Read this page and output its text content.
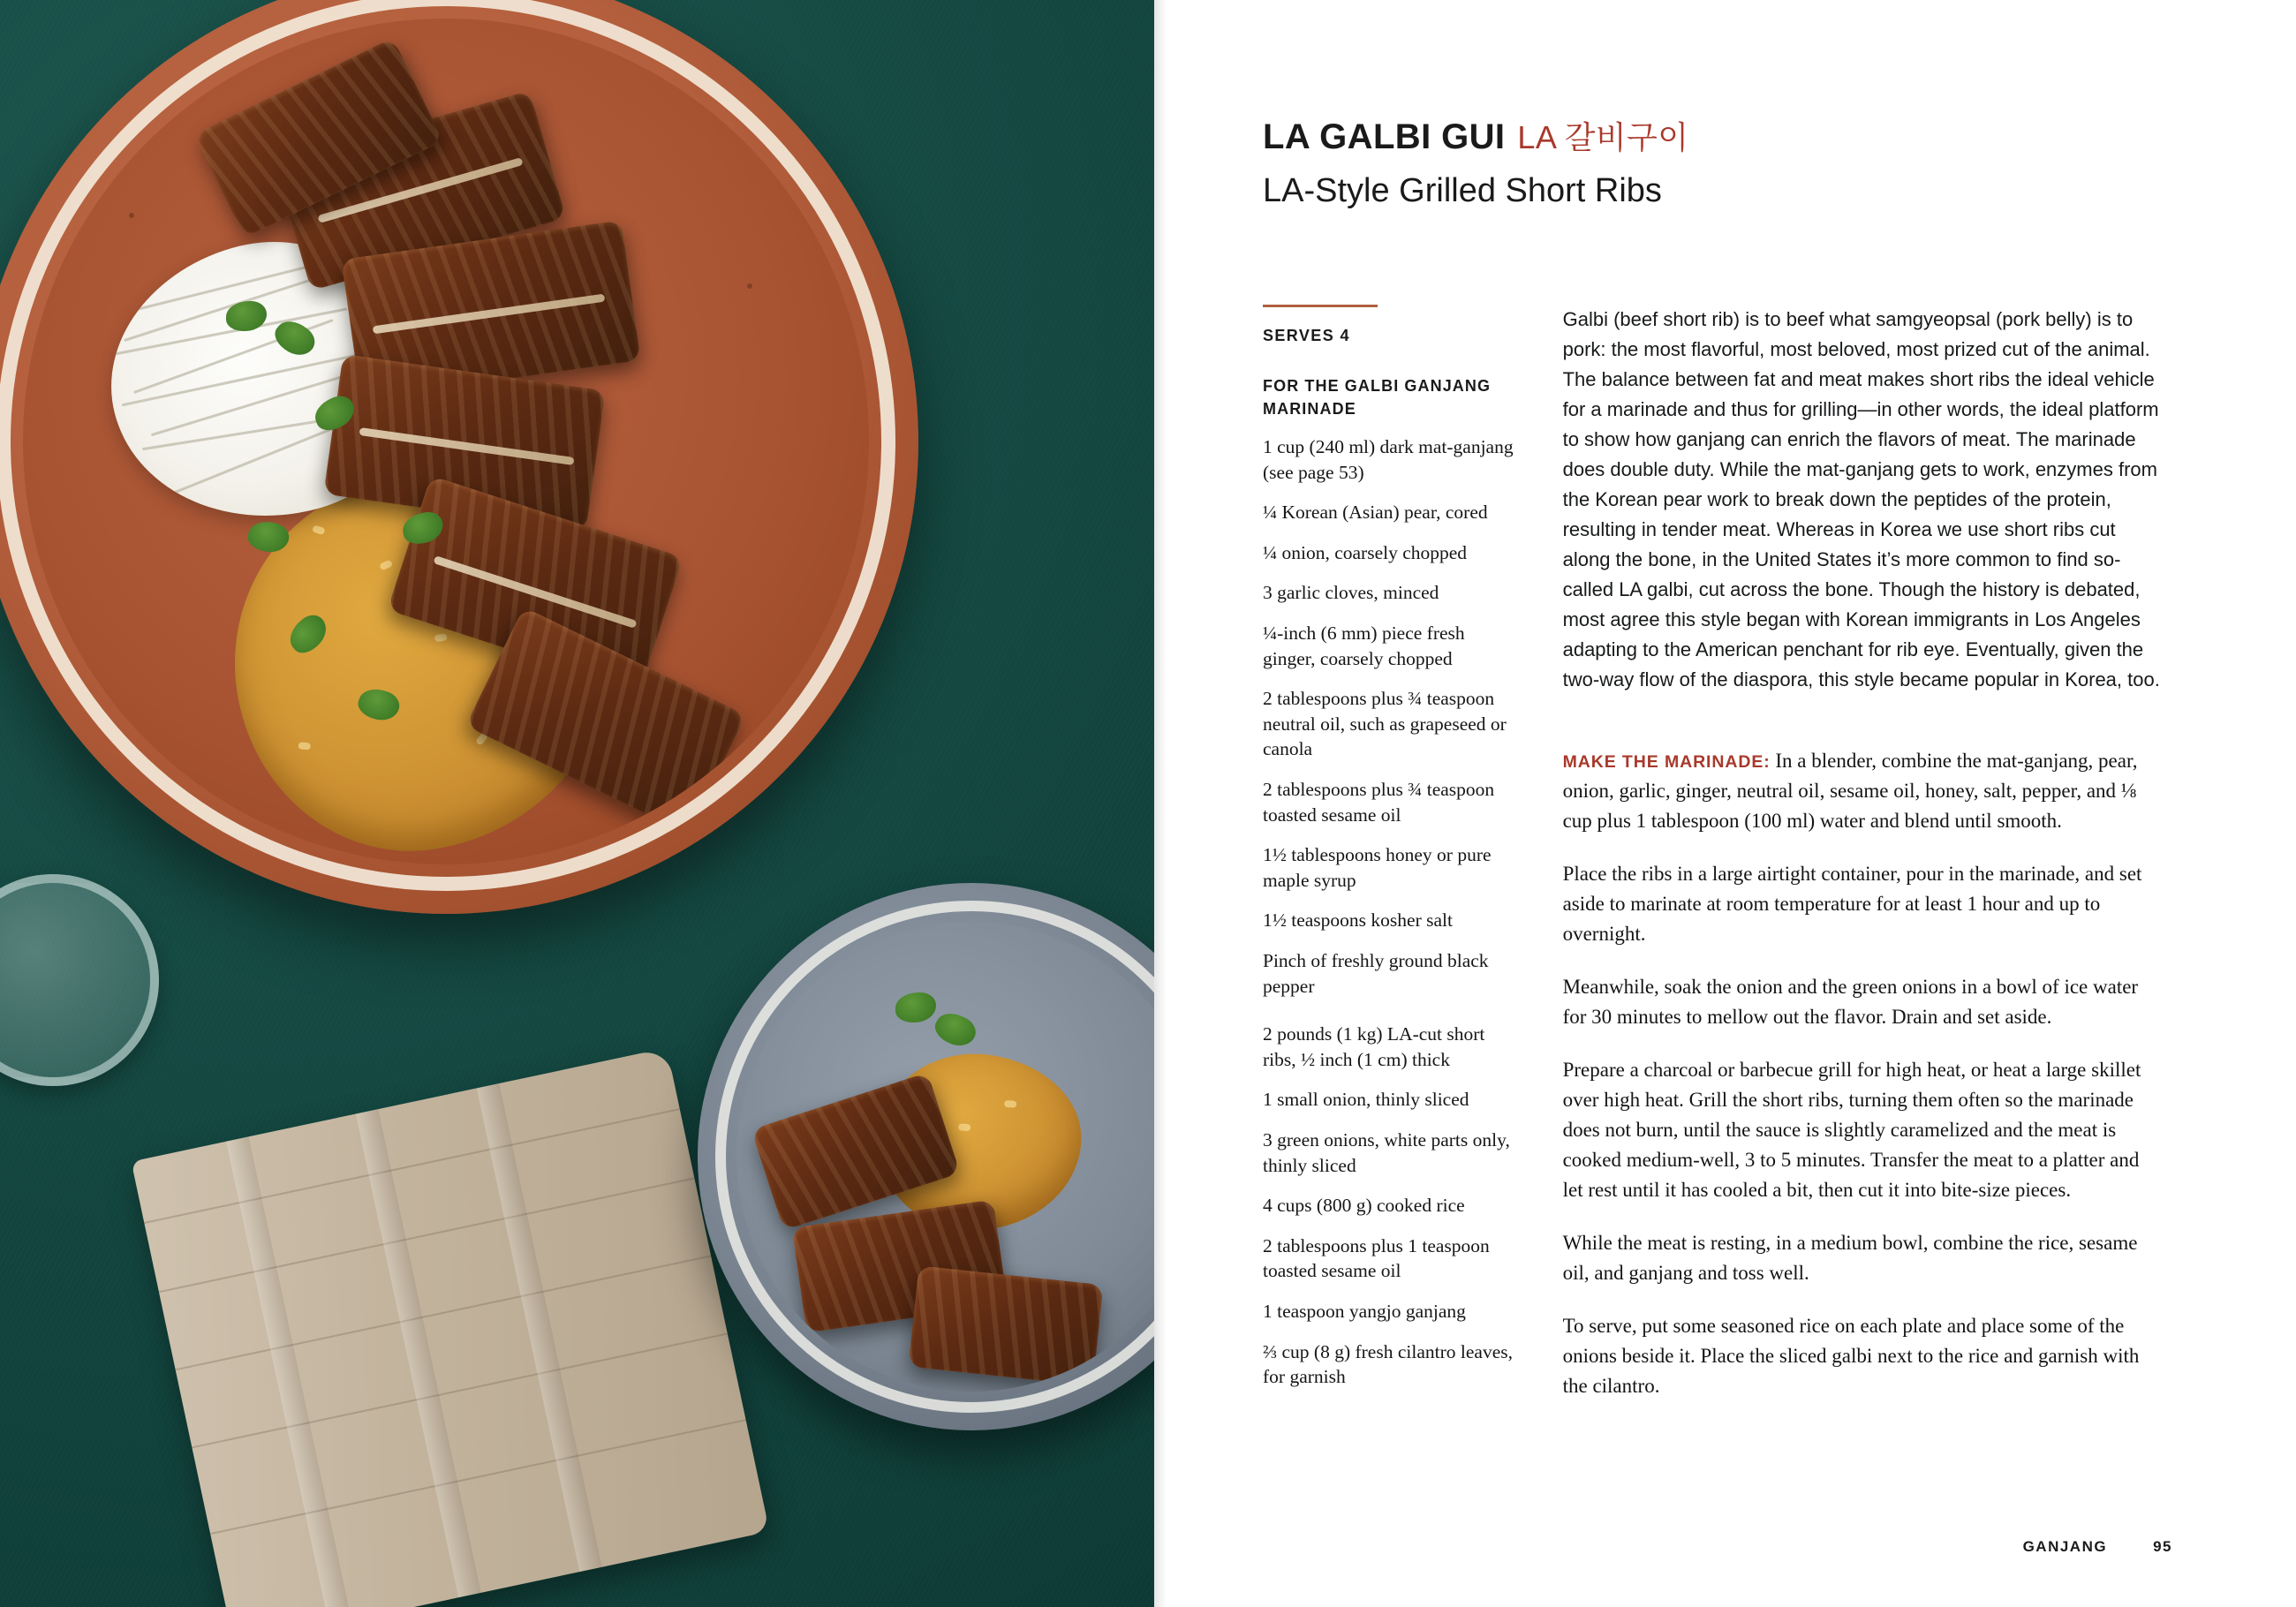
LA GALBI GUI LA 갈비구이
LA-Style Grilled Short Ribs
SERVES 4
FOR THE GALBI GANJANG MARINADE
1 cup (240 ml) dark mat-ganjang (see page 53)
¼ Korean (Asian) pear, cored
¼ onion, coarsely chopped
3 garlic cloves, minced
¼-inch (6 mm) piece fresh ginger, coarsely chopped
2 tablespoons plus ¾ teaspoon neutral oil, such as grapeseed or canola
2 tablespoons plus ¾ teaspoon toasted sesame oil
1½ tablespoons honey or pure maple syrup
1½ teaspoons kosher salt
Pinch of freshly ground black pepper
2 pounds (1 kg) LA-cut short ribs, ½ inch (1 cm) thick
1 small onion, thinly sliced
3 green onions, white parts only, thinly sliced
4 cups (800 g) cooked rice
2 tablespoons plus 1 teaspoon toasted sesame oil
1 teaspoon yangjo ganjang
⅔ cup (8 g) fresh cilantro leaves, for garnish

Galbi (beef short rib) is to beef what samgyeopsal (pork belly) is to pork: the most flavorful, most beloved, most prized cut of the animal. The balance between fat and meat makes short ribs the ideal vehicle for a marinade and thus for grilling—in other words, the ideal platform to show how ganjang can enrich the flavors of meat. The marinade does double duty. While the mat-ganjang gets to work, enzymes from the Korean pear work to break down the peptides of the protein, resulting in tender meat. Whereas in Korea we use short ribs cut along the bone, in the United States it’s more common to find so-called LA galbi, cut across the bone. Though the history is debated, most agree this style began with Korean immigrants in Los Angeles adapting to the American penchant for rib eye. Eventually, given the two-way flow of the diaspora, this style became popular in Korea, too.

MAKE THE MARINADE: In a blender, combine the mat-ganjang, pear, onion, garlic, ginger, neutral oil, sesame oil, honey, salt, pepper, and ⅛ cup plus 1 tablespoon (100 ml) water and blend until smooth.

Place the ribs in a large airtight container, pour in the marinade, and set aside to marinate at room temperature for at least 1 hour and up to overnight.

Meanwhile, soak the onion and the green onions in a bowl of ice water for 30 minutes to mellow out the flavor. Drain and set aside.

Prepare a charcoal or barbecue grill for high heat, or heat a large skillet over high heat. Grill the short ribs, turning them often so the marinade does not burn, until the sauce is slightly caramelized and the meat is cooked medium-well, 3 to 5 minutes. Transfer the meat to a platter and let rest until it has cooled a bit, then cut it into bite-size pieces.

While the meat is resting, in a medium bowl, combine the rice, sesame oil, and ganjang and toss well.

To serve, put some seasoned rice on each plate and place some of the onions beside it. Place the sliced galbi next to the rice and garnish with the cilantro.

GANJANG	95
